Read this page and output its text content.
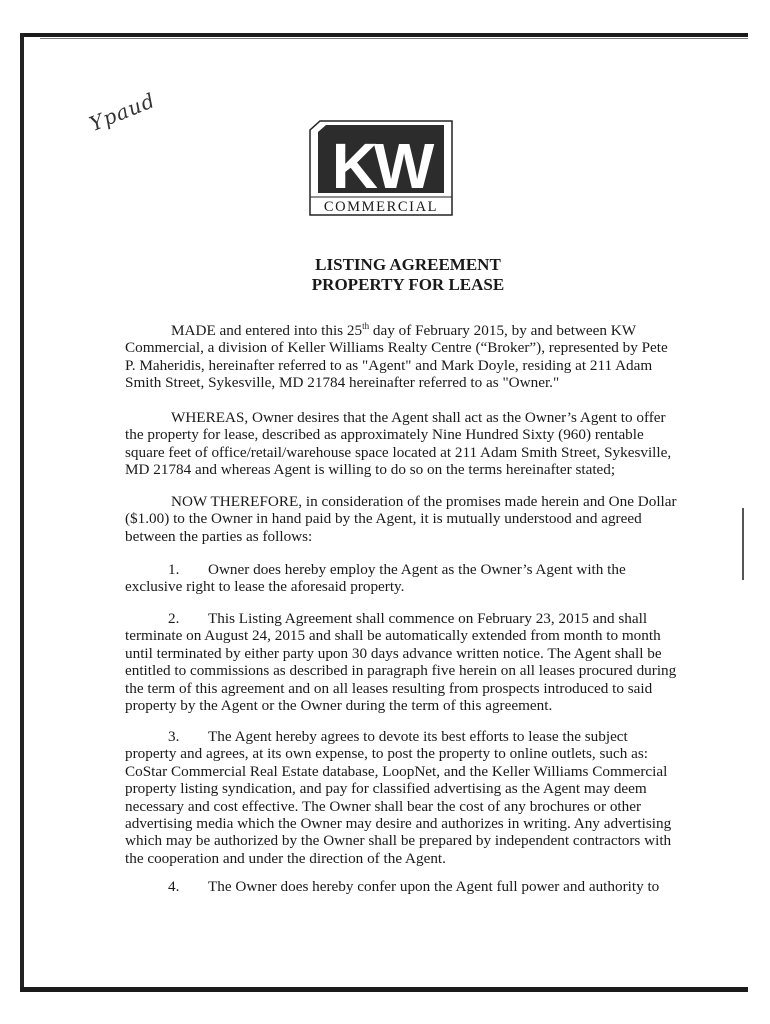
Ypaud
KW
COMMERCIAL
LISTING AGREEMENT
PROPERTY FOR LEASE

MADE and entered into this 25th day of February 2015, by and between KW Commercial, a division of Keller Williams Realty Centre (“Broker”), represented by Pete P. Maheridis, hereinafter referred to as "Agent" and Mark Doyle, residing at 211 Adam Smith Street, Sykesville, MD 21784 hereinafter referred to as "Owner."

WHEREAS, Owner desires that the Agent shall act as the Owner’s Agent to offer the property for lease, described as approximately Nine Hundred Sixty (960) rentable square feet of office/retail/warehouse space located at 211 Adam Smith Street, Sykesville, MD 21784 and whereas Agent is willing to do so on the terms hereinafter stated;

NOW THEREFORE, in consideration of the promises made herein and One Dollar ($1.00) to the Owner in hand paid by the Agent, it is mutually understood and agreed between the parties as follows:

1. Owner does hereby employ the Agent as the Owner’s Agent with the exclusive right to lease the aforesaid property.

2. This Listing Agreement shall commence on February 23, 2015 and shall terminate on August 24, 2015 and shall be automatically extended from month to month until terminated by either party upon 30 days advance written notice. The Agent shall be entitled to commissions as described in paragraph five herein on all leases procured during the term of this agreement and on all leases resulting from prospects introduced to said property by the Agent or the Owner during the term of this agreement.

3. The Agent hereby agrees to devote its best efforts to lease the subject property and agrees, at its own expense, to post the property to online outlets, such as: CoStar Commercial Real Estate database, LoopNet, and the Keller Williams Commercial property listing syndication, and pay for classified advertising as the Agent may deem necessary and cost effective. The Owner shall bear the cost of any brochures or other advertising media which the Owner may desire and authorizes in writing. Any advertising which may be authorized by the Owner shall be prepared by independent contractors with the cooperation and under the direction of the Agent.

4. The Owner does hereby confer upon the Agent full power and authority to
